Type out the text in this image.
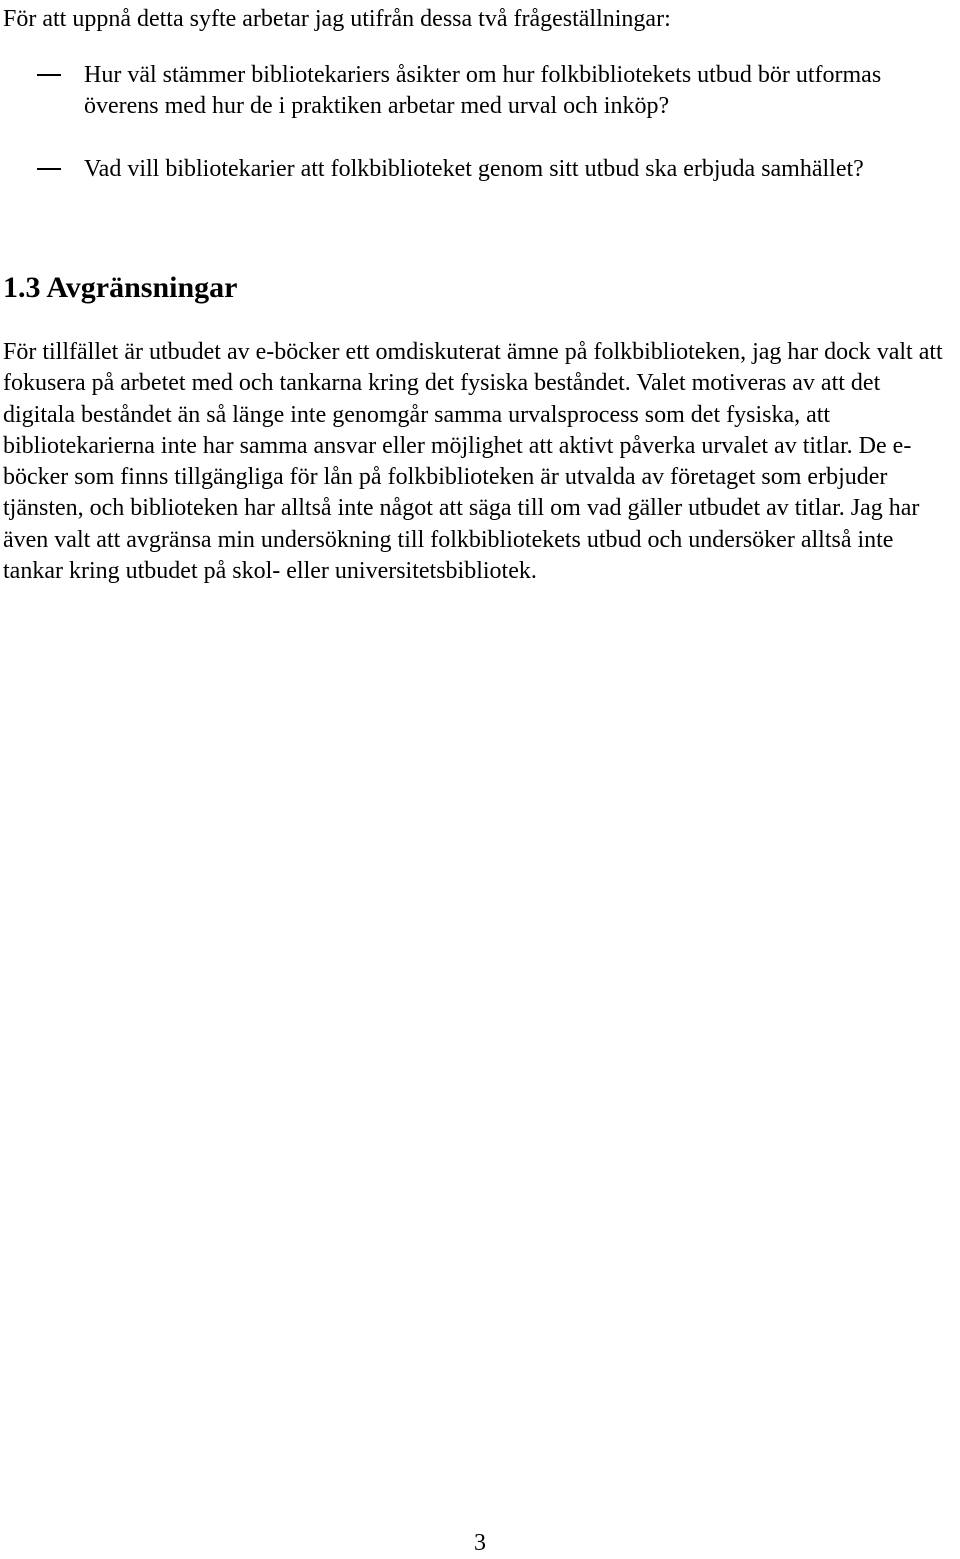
För att uppnå detta syfte arbetar jag utifrån dessa två frågeställningar:

Hur väl stämmer bibliotekariers åsikter om hur folkbibliotekets utbud bör utformas överens med hur de i praktiken arbetar med urval och inköp?

Vad vill bibliotekarier att folkbiblioteket genom sitt utbud ska erbjuda samhället?

1.3 Avgränsningar

För tillfället är utbudet av e-böcker ett omdiskuterat ämne på folkbiblioteken, jag har dock valt att fokusera på arbetet med och tankarna kring det fysiska beståndet. Valet motiveras av att det digitala beståndet än så länge inte genomgår samma urvalsprocess som det fysiska, att bibliotekarierna inte har samma ansvar eller möjlighet att aktivt påverka urvalet av titlar. De e-böcker som finns tillgängliga för lån på folkbiblioteken är utvalda av företaget som erbjuder tjänsten, och biblioteken har alltså inte något att säga till om vad gäller utbudet av titlar. Jag har även valt att avgränsa min undersökning till folkbibliotekets utbud och undersöker alltså inte tankar kring utbudet på skol- eller universitetsbibliotek.

3
